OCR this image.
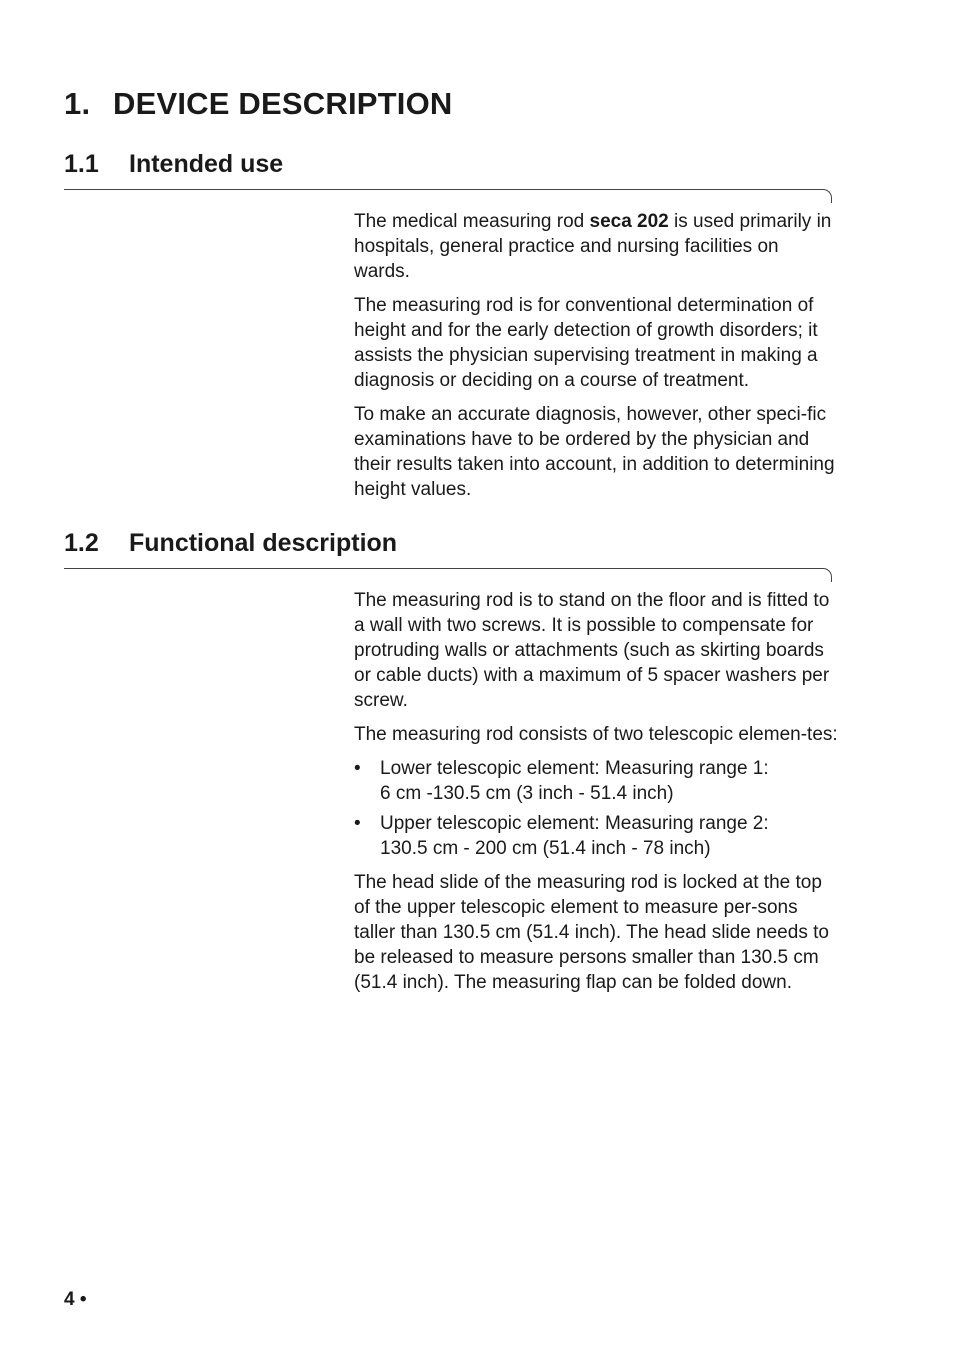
1. DEVICE DESCRIPTION
1.1 Intended use

The medical measuring rod seca 202 is used primarily in hospitals, general practice and nursing facilities on wards.

The measuring rod is for conventional determination of height and for the early detection of growth disorders; it assists the physician supervising treatment in making a diagnosis or deciding on a course of treatment.

To make an accurate diagnosis, however, other speci-fic examinations have to be ordered by the physician and their results taken into account, in addition to determining height values.

1.2 Functional description

The measuring rod is to stand on the floor and is fitted to a wall with two screws. It is possible to compensate for protruding walls or attachments (such as skirting boards or cable ducts) with a maximum of 5 spacer washers per screw.

The measuring rod consists of two telescopic elemen-tes:

• Lower telescopic element: Measuring range 1:
6 cm -130.5 cm (3 inch - 51.4 inch)
• Upper telescopic element: Measuring range 2:
130.5 cm - 200 cm (51.4 inch - 78 inch)

The head slide of the measuring rod is locked at the top of the upper telescopic element to measure per-sons taller than 130.5 cm (51.4 inch). The head slide needs to be released to measure persons smaller than 130.5 cm (51.4 inch). The measuring flap can be folded down.

4 •
